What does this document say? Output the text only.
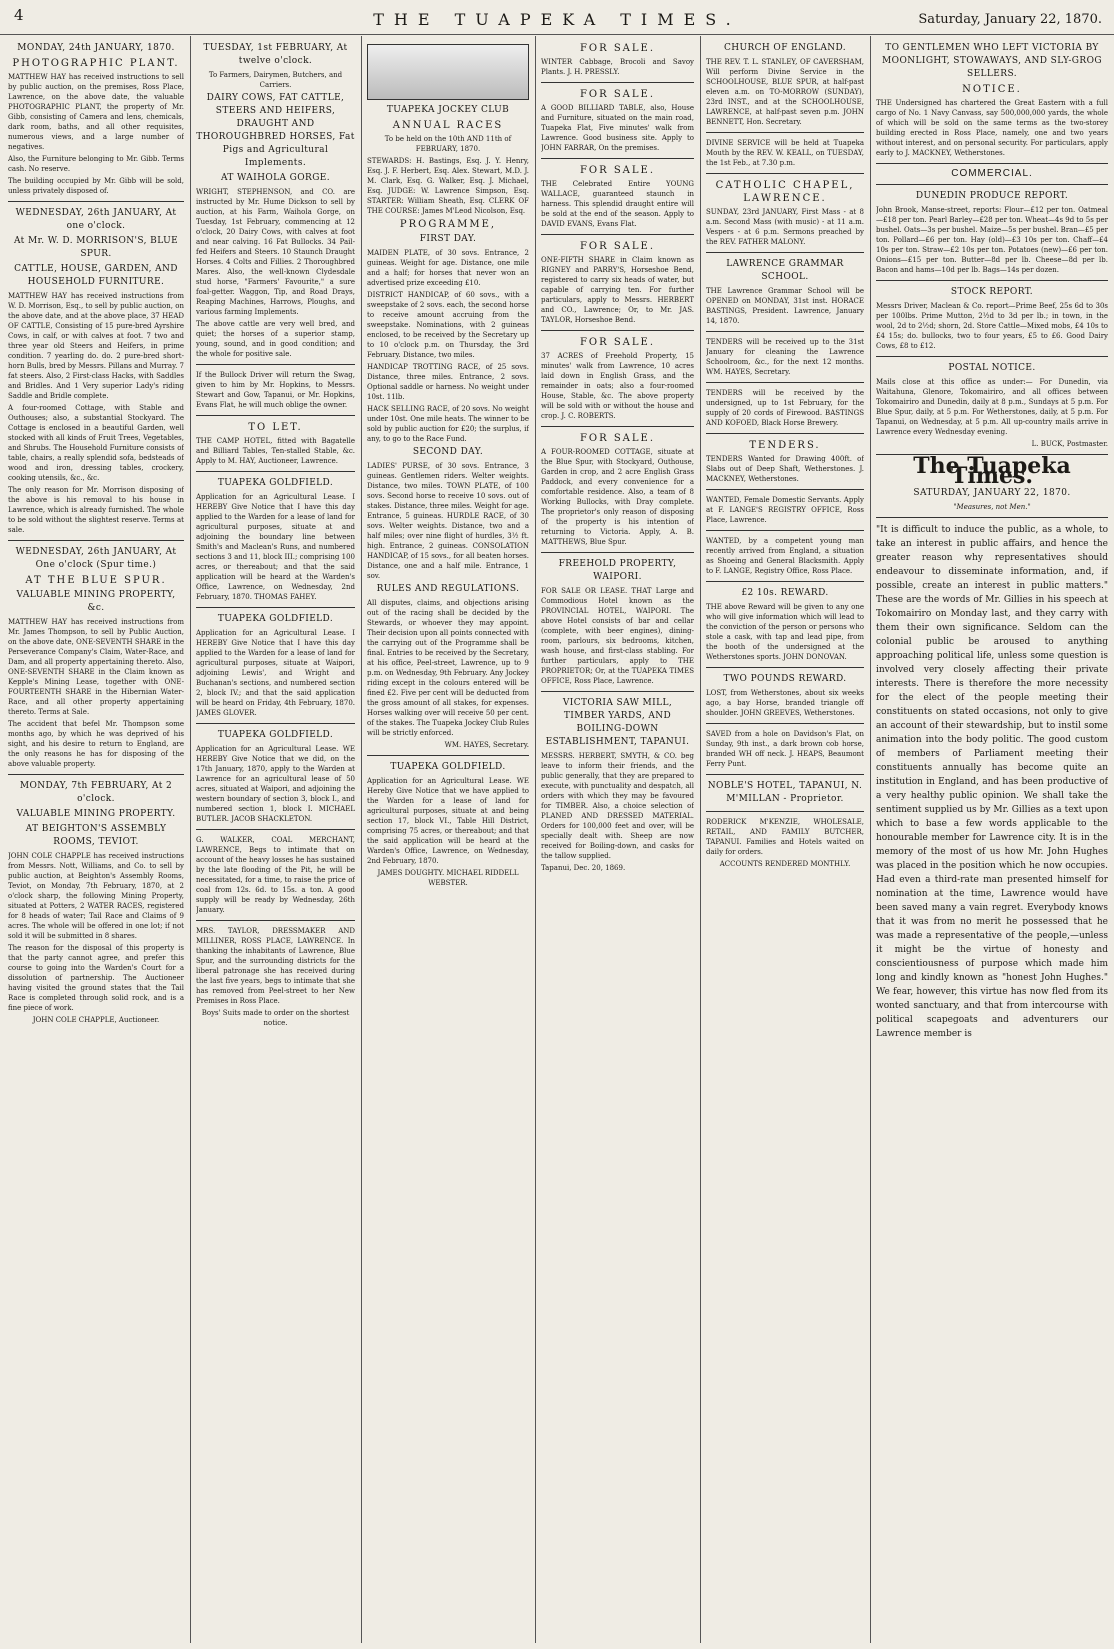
4	THE TUAPEKA TIMES.	Saturday, January 22, 1870.
MONDAY, 24th JANUARY, 1870.
PHOTOGRAPHIC PLANT.
MATTHEW HAY has received instructions to sell by public auction, on the premises, Ross Place, Lawrence, on the above date, the valuable PHOTOGRAPHIC PLANT, the property of Mr. Gibb, consisting of Camera and lens, chemicals, dark room, baths, and all other requisites, numerous views, and a large number of negatives.
Also, the Furniture belonging to Mr. Gibb. Terms cash. No reserve.
The building occupied by Mr. Gibb will be sold, unless privately disposed of.
WEDNESDAY, 26th JANUARY, At one o'clock.
At Mr. W. D. MORRISON'S, BLUE SPUR.
CATTLE, HOUSE, GARDEN, AND HOUSEHOLD FURNITURE.
MATTHEW HAY has received instructions from W. D. Morrison, Esq., to sell by public auction, on the above date, and at the above place, 37 HEAD OF CATTLE, Consisting of 15 pure-bred Ayrshire Cows, in calf, or with calves at foot. 7 two and three year old Steers and Heifers, in prime condition. 7 yearling do. do. 2 pure-bred short-horn Bulls, bred by Messrs. Pillans and Murray. 7 fat steers. Also, 2 First-class Hacks, with Saddles and Bridles. And 1 Very superior Lady's riding Saddle and Bridle complete.
A four-roomed Cottage, with Stable and Outhouses; also, a substantial Stockyard. The Cottage is enclosed in a beautiful Garden, well stocked with all kinds of Fruit Trees, Vegetables, and Shrubs. The Household Furniture consists of table, chairs, a really splendid sofa, bedsteads of wood and iron, dressing tables, crockery, cooking utensils, &c., &c.
The only reason for Mr. Morrison disposing of the above is his removal to his house in Lawrence, which is already furnished. The whole to be sold without the slightest reserve. Terms at sale.
WEDNESDAY, 26th JANUARY, At One o'clock (Spur time.)
AT THE BLUE SPUR.
VALUABLE MINING PROPERTY, &c.
MATTHEW HAY has received instructions from Mr. James Thompson, to sell by Public Auction, on the above date, ONE-SEVENTH SHARE in the Perseverance Company's Claim, Water-Race, and Dam, and all property appertaining thereto. Also, ONE-SEVENTH SHARE in the Claim known as Kepple's Mining Lease, together with ONE-FOURTEENTH SHARE in the Hibernian Water-Race, and all other property appertaining thereto. Terms at Sale.
The accident that befel Mr. Thompson some months ago, by which he was deprived of his sight, and his desire to return to England, are the only reasons he has for disposing of the above valuable property.
MONDAY, 7th FEBRUARY, At 2 o'clock.
VALUABLE MINING PROPERTY.
AT BEIGHTON'S ASSEMBLY ROOMS, TEVIOT.
JOHN COLE CHAPPLE has received instructions from Messrs. Nott, Williams, and Co. to sell by public auction, at Beighton's Assembly Rooms, Teviot, on Monday, 7th February, 1870, at 2 o'clock sharp, the following Mining Property, situated at Potters, 2 WATER RACES, registered for 8 heads of water; Tail Race and Claims of 9 acres. The whole will be offered in one lot; if not sold it will be submitted in 8 shares.
The reason for the disposal of this property is that the party cannot agree, and prefer this course to going into the Warden's Court for a dissolution of partnership. The Auctioneer having visited the ground states that the Tail Race is completed through solid rock, and is a fine piece of work.
JOHN COLE CHAPPLE, Auctioneer.
TUESDAY, 1st FEBRUARY, At twelve o'clock.
To Farmers, Dairymen, Butchers, and Carriers.
DAIRY COWS, FAT CATTLE, STEERS AND HEIFERS, DRAUGHT AND THOROUGHBRED HORSES, Fat Pigs and Agricultural Implements.
AT WAIHOLA GORGE.
WRIGHT, STEPHENSON, and CO. are instructed by Mr. Hume Dickson to sell by auction, at his Farm, Waihola Gorge, on Tuesday, 1st February, commencing at 12 o'clock, 20 Dairy Cows, with calves at foot and near calving. 16 Fat Bullocks. 34 Pail-fed Heifers and Steers. 10 Staunch Draught Horses. 4 Colts and Fillies. 2 Thoroughbred Mares. Also, the well-known Clydesdale stud horse, "Farmers' Favourite," a sure foal-getter. Waggon, Tip, and Road Drays, Reaping Machines, Harrows, Ploughs, and various farming Implements.
The above cattle are very well bred, and quiet; the horses of a superior stamp, young, sound, and in good condition; and the whole for positive sale.
If the Bullock Driver will return the Swag, given to him by Mr. Hopkins, to Messrs. Stewart and Gow, Tapanui, or Mr. Hopkins, Evans Flat, he will much oblige the owner.
TO LET.
THE CAMP HOTEL, fitted with Bagatelle and Billiard Tables, Ten-stalled Stable, &c. Apply to M. HAY, Auctioneer, Lawrence.
TUAPEKA GOLDFIELD.
Application for an Agricultural Lease. I HEREBY Give Notice that I have this day applied to the Warden for a lease of land for agricultural purposes, situate at and adjoining the boundary line between Smith's and Maclean's Runs, and numbered sections 3 and 11, block III.; comprising 100 acres, or thereabout; and that the said application will be heard at the Warden's Office, Lawrence, on Wednesday, 2nd February, 1870. THOMAS FAHEY.
TUAPEKA GOLDFIELD.
Application for an Agricultural Lease. I HEREBY Give Notice that I have this day applied to the Warden for a lease of land for agricultural purposes, situate at Waipori, adjoining Lewis', and Wright and Buchanan's sections, and numbered section 2, block IV.; and that the said application will be heard on Friday, 4th February, 1870. JAMES GLOVER.
TUAPEKA GOLDFIELD.
Application for an Agricultural Lease. WE HEREBY Give Notice that we did, on the 17th January, 1870, apply to the Warden at Lawrence for an agricultural lease of 50 acres, situated at Waipori, and adjoining the western boundary of section 3, block I., and numbered section 1, block I. MICHAEL BUTLER. JACOB SHACKLETON.
G. WALKER, COAL MERCHANT, LAWRENCE, Begs to intimate that on account of the heavy losses he has sustained by the late flooding of the Pit, he will be necessitated, for a time, to raise the price of coal from 12s. 6d. to 15s. a ton. A good supply will be ready by Wednesday, 26th January.
MRS. TAYLOR, DRESSMAKER AND MILLINER, ROSS PLACE, LAWRENCE. In thanking the inhabitants of Lawrence, Blue Spur, and the surrounding districts for the liberal patronage she has received during the last five years, begs to intimate that she has removed from Peel-street to her New Premises in Ross Place.
Boys' Suits made to order on the shortest notice.
TUAPEKA JOCKEY CLUB
ANNUAL RACES
To be held on the 10th AND 11th of FEBRUARY, 1870.
STEWARDS: H. Bastings, Esq. J. Y. Henry, Esq. J. F. Herbert, Esq. Alex. Stewart, M.D. J. M. Clark, Esq. G. Walker, Esq. J. Michael, Esq. JUDGE: W. Lawrence Simpson, Esq. STARTER: William Sheath, Esq. CLERK OF THE COURSE: James M'Leod Nicolson, Esq.
PROGRAMME,
FIRST DAY.
MAIDEN PLATE, of 30 sovs. Entrance, 2 guineas. Weight for age. Distance, one mile and a half; for horses that never won an advertised prize exceeding £10.
DISTRICT HANDICAP, of 60 sovs., with a sweepstake of 2 sovs. each, the second horse to receive amount accruing from the sweepstake. Nominations, with 2 guineas enclosed, to be received by the Secretary up to 10 o'clock p.m. on Thursday, the 3rd February. Distance, two miles.
HANDICAP TROTTING RACE, of 25 sovs. Distance, three miles. Entrance, 2 sovs. Optional saddle or harness. No weight under 10st. 11lb.
HACK SELLING RACE, of 20 sovs. No weight under 10st. One mile heats. The winner to be sold by public auction for £20; the surplus, if any, to go to the Race Fund.
SECOND DAY.
LADIES' PURSE, of 30 sovs. Entrance, 3 guineas. Gentlemen riders. Welter weights. Distance, two miles. TOWN PLATE, of 100 sovs. Second horse to receive 10 sovs. out of stakes. Distance, three miles. Weight for age. Entrance, 5 guineas. HURDLE RACE, of 30 sovs. Welter weights. Distance, two and a half miles; over nine flight of hurdles, 3½ ft. high. Entrance, 2 guineas. CONSOLATION HANDICAP, of 15 sovs., for all beaten horses. Distance, one and a half mile. Entrance, 1 sov.
RULES AND REGULATIONS.
All disputes, claims, and objections arising out of the racing shall be decided by the Stewards, or whoever they may appoint. Their decision upon all points connected with the carrying out of the Programme shall be final. Entries to be received by the Secretary, at his office, Peel-street, Lawrence, up to 9 p.m. on Wednesday, 9th February. Any Jockey riding except in the colours entered will be fined £2. Five per cent will be deducted from the gross amount of all stakes, for expenses. Horses walking over will receive 50 per cent. of the stakes. The Tuapeka Jockey Club Rules will be strictly enforced.
WM. HAYES, Secretary.
TUAPEKA GOLDFIELD.
Application for an Agricultural Lease. WE Hereby Give Notice that we have applied to the Warden for a lease of land for agricultural purposes, situate at and being section 17, block VI., Table Hill District, comprising 75 acres, or thereabout; and that the said application will be heard at the Warden's Office, Lawrence, on Wednesday, 2nd February, 1870.
JAMES DOUGHTY. MICHAEL RIDDELL WEBSTER.
FOR SALE.
WINTER Cabbage, Brocoli and Savoy Plants. J. H. PRESSLY.
FOR SALE.
A GOOD BILLIARD TABLE, also, House and Furniture, situated on the main road, Tuapeka Flat, Five minutes' walk from Lawrence. Good business site. Apply to JOHN FARRAR, On the premises.
FOR SALE.
THE Celebrated Entire YOUNG WALLACE, guaranteed staunch in harness. This splendid draught entire will be sold at the end of the season. Apply to DAVID EVANS, Evans Flat.
FOR SALE.
ONE-FIFTH SHARE in Claim known as RIGNEY and PARRY'S, Horseshoe Bend, registered to carry six heads of water, but capable of carrying ten. For further particulars, apply to Messrs. HERBERT and CO., Lawrence; Or, to Mr. JAS. TAYLOR, Horseshoe Bend.
FOR SALE.
37 ACRES of Freehold Property, 15 minutes' walk from Lawrence, 10 acres laid down in English Grass, and the remainder in oats; also a four-roomed House, Stable, &c. The above property will be sold with or without the house and crop. J. C. ROBERTS.
FOR SALE.
A FOUR-ROOMED COTTAGE, situate at the Blue Spur, with Stockyard, Outhouse, Garden in crop, and 2 acre English Grass Paddock, and every convenience for a comfortable residence. Also, a team of 8 Working Bullocks, with Dray complete. The proprietor's only reason of disposing of the property is his intention of returning to Victoria. Apply, A. B. MATTHEWS, Blue Spur.
FREEHOLD PROPERTY, WAIPORI.
FOR SALE OR LEASE. THAT Large and Commodious Hotel known as the PROVINCIAL HOTEL, WAIPORI. The above Hotel consists of bar and cellar (complete, with beer engines), dining-room, parlours, six bedrooms, kitchen, wash house, and first-class stabling. For further particulars, apply to THE PROPRIETOR; Or, at the TUAPEKA TIMES OFFICE, Ross Place, Lawrence.
VICTORIA SAW MILL, TIMBER YARDS, AND BOILING-DOWN ESTABLISHMENT, TAPANUI.
MESSRS. HERBERT, SMYTH, & CO. beg leave to inform their friends, and the public generally, that they are prepared to execute, with punctuality and despatch, all orders with which they may be favoured for TIMBER. Also, a choice selection of PLANED AND DRESSED MATERIAL. Orders for 100,000 feet and over, will be specially dealt with. Sheep are now received for Boiling-down, and casks for the tallow supplied.
Tapanui, Dec. 20, 1869.
CHURCH OF ENGLAND.
THE REV. T. L. STANLEY, OF CAVERSHAM, Will perform Divine Service in the SCHOOLHOUSE, BLUE SPUR, at half-past eleven a.m. on TO-MORROW (SUNDAY), 23rd INST., and at the SCHOOLHOUSE, LAWRENCE, at half-past seven p.m. JOHN BENNETT, Hon. Secretary.
DIVINE SERVICE will be held at Tuapeka Mouth by the REV. W. KEALL, on TUESDAY, the 1st Feb., at 7.30 p.m.
CATHOLIC CHAPEL, LAWRENCE.
SUNDAY, 23rd JANUARY, First Mass - at 8 a.m. Second Mass (with music) - at 11 a.m. Vespers - at 6 p.m. Sermons preached by the REV. FATHER MALONY.
LAWRENCE GRAMMAR SCHOOL.
THE Lawrence Grammar School will be OPENED on MONDAY, 31st inst. HORACE BASTINGS, President. Lawrence, January 14, 1870.
TENDERS will be received up to the 31st January for cleaning the Lawrence Schoolroom, &c., for the next 12 months. WM. HAYES, Secretary.
TENDERS will be received by the undersigned, up to 1st February, for the supply of 20 cords of Firewood. BASTINGS AND KOFOED, Black Horse Brewery.
TENDERS.
TENDERS Wanted for Drawing 400ft. of Slabs out of Deep Shaft, Wetherstones. J. MACKNEY, Wetherstones.
WANTED, Female Domestic Servants. Apply at F. LANGE'S REGISTRY OFFICE, Ross Place, Lawrence.
WANTED, by a competent young man recently arrived from England, a situation as Shoeing and General Blacksmith. Apply to F. LANGE, Registry Office, Ross Place.
£2 10s. REWARD.
THE above Reward will be given to any one who will give information which will lead to the conviction of the person or persons who stole a cask, with tap and lead pipe, from the booth of the undersigned at the Wetherstones sports. JOHN DONOVAN.
TWO POUNDS REWARD.
LOST, from Wetherstones, about six weeks ago, a bay Horse, branded triangle off shoulder. JOHN GREEVES, Wetherstones.
SAVED from a hole on Davidson's Flat, on Sunday, 9th inst., a dark brown cob horse, branded WH off neck. J. HEAPS, Beaumont Ferry Punt.
NOBLE'S HOTEL, TAPANUI, N. M'MILLAN - Proprietor.
RODERICK M'KENZIE, WHOLESALE, RETAIL, AND FAMILY BUTCHER, TAPANUI. Families and Hotels waited on daily for orders.
ACCOUNTS RENDERED MONTHLY.
TO GENTLEMEN WHO LEFT VICTORIA BY MOONLIGHT, STOWAWAYS, AND SLY-GROG SELLERS.
NOTICE.
THE Undersigned has chartered the Great Eastern with a full cargo of No. 1 Navy Canvass, say 500,000,000 yards, the whole of which will be sold on the same terms as the two-storey building erected in Ross Place, namely, one and two years without interest, and on personal security. For particulars, apply early to J. MACKNEY, Wetherstones.
COMMERCIAL.
DUNEDIN PRODUCE REPORT.
John Brook, Manse-street, reports: Flour—£12 per ton. Oatmeal—£18 per ton. Pearl Barley—£28 per ton. Wheat—4s 9d to 5s per bushel. Oats—3s per bushel. Maize—5s per bushel. Bran—£5 per ton. Pollard—£6 per ton. Hay (old)—£3 10s per ton. Chaff—£4 10s per ton. Straw—£2 10s per ton. Potatoes (new)—£6 per ton. Onions—£15 per ton. Butter—8d per lb. Cheese—8d per lb. Bacon and hams—10d per lb. Bags—14s per dozen.
STOCK REPORT.
Messrs Driver, Maclean & Co. report—Prime Beef, 25s 6d to 30s per 100lbs. Prime Mutton, 2½d to 3d per lb.; in town, in the wool, 2d to 2½d; shorn, 2d. Store Cattle—Mixed mobs, £4 10s to £4 15s; do. bullocks, two to four years, £5 to £6. Good Dairy Cows, £8 to £12.
POSTAL NOTICE.
Mails close at this office as under:— For Dunedin, via Waitahuna, Glenore, Tokomairiro, and all offices between Tokomairiro and Dunedin, daily at 8 p.m., Sundays at 5 p.m. For Blue Spur, daily, at 5 p.m. For Wetherstones, daily, at 5 p.m. For Tapanui, on Wednesday, at 5 p.m. All up-country mails arrive in Lawrence every Wednesday evening.
L. BUCK, Postmaster.
The Tuapeka Times.
SATURDAY, JANUARY 22, 1870.
"Measures, not Men."
"It is difficult to induce the public, as a whole, to take an interest in public affairs, and hence the greater reason why representatives should endeavour to disseminate information, and, if possible, create an interest in public matters." These are the words of Mr. Gillies in his speech at Tokomairiro on Monday last, and they carry with them their own significance. Seldom can the colonial public be aroused to anything approaching political life, unless some question is involved very closely affecting their private interests. There is therefore the more necessity for the elect of the people meeting their constituents on stated occasions, not only to give an account of their stewardship, but to instil some animation into the body politic. The good custom of members of Parliament meeting their constituents annually has become quite an institution in England, and has been productive of a very healthy public opinion. We shall take the sentiment supplied us by Mr. Gillies as a text upon which to base a few words applicable to the honourable member for Lawrence city. It is in the memory of the most of us how Mr. John Hughes was placed in the position which he now occupies. Had even a third-rate man presented himself for nomination at the time, Lawrence would have been saved many a vain regret. Everybody knows that it was from no merit he possessed that he was made a representative of the people,—unless it might be the virtue of honesty and conscientiousness of purpose which made him long and kindly known as "honest John Hughes." We fear, however, this virtue has now fled from its wonted sanctuary, and that from intercourse with political scapegoats and adventurers our Lawrence member is
